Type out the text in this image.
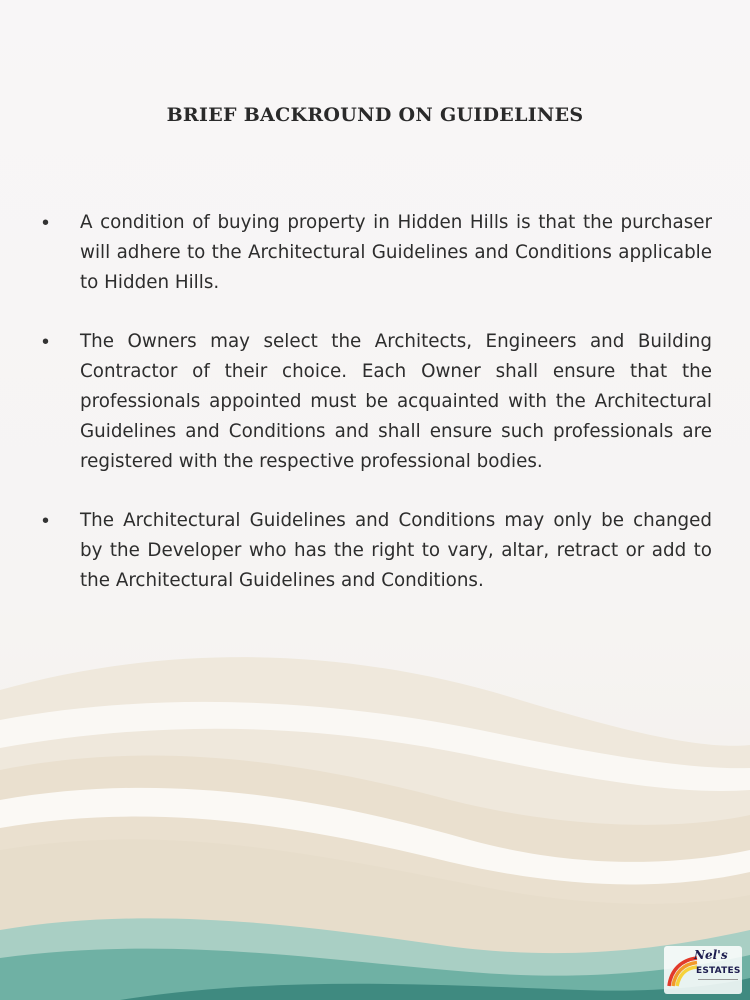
BRIEF BACKROUND ON GUIDELINES
•	A condition of buying property in Hidden Hills is that the purchaser will adhere to the Architectural Guidelines and Conditions applicable to Hidden Hills.
•	The Owners may select the Architects, Engineers and Building Contractor of their choice. Each Owner shall ensure that the professionals appointed must be acquainted with the Architectural Guidelines and Conditions and shall ensure such professionals are registered with the respective professional bodies.
•	The Architectural Guidelines and Conditions may only be changed by the Developer who has the right to vary, altar, retract or add to the Architectural Guidelines and Conditions.
Nel's
ESTATES
